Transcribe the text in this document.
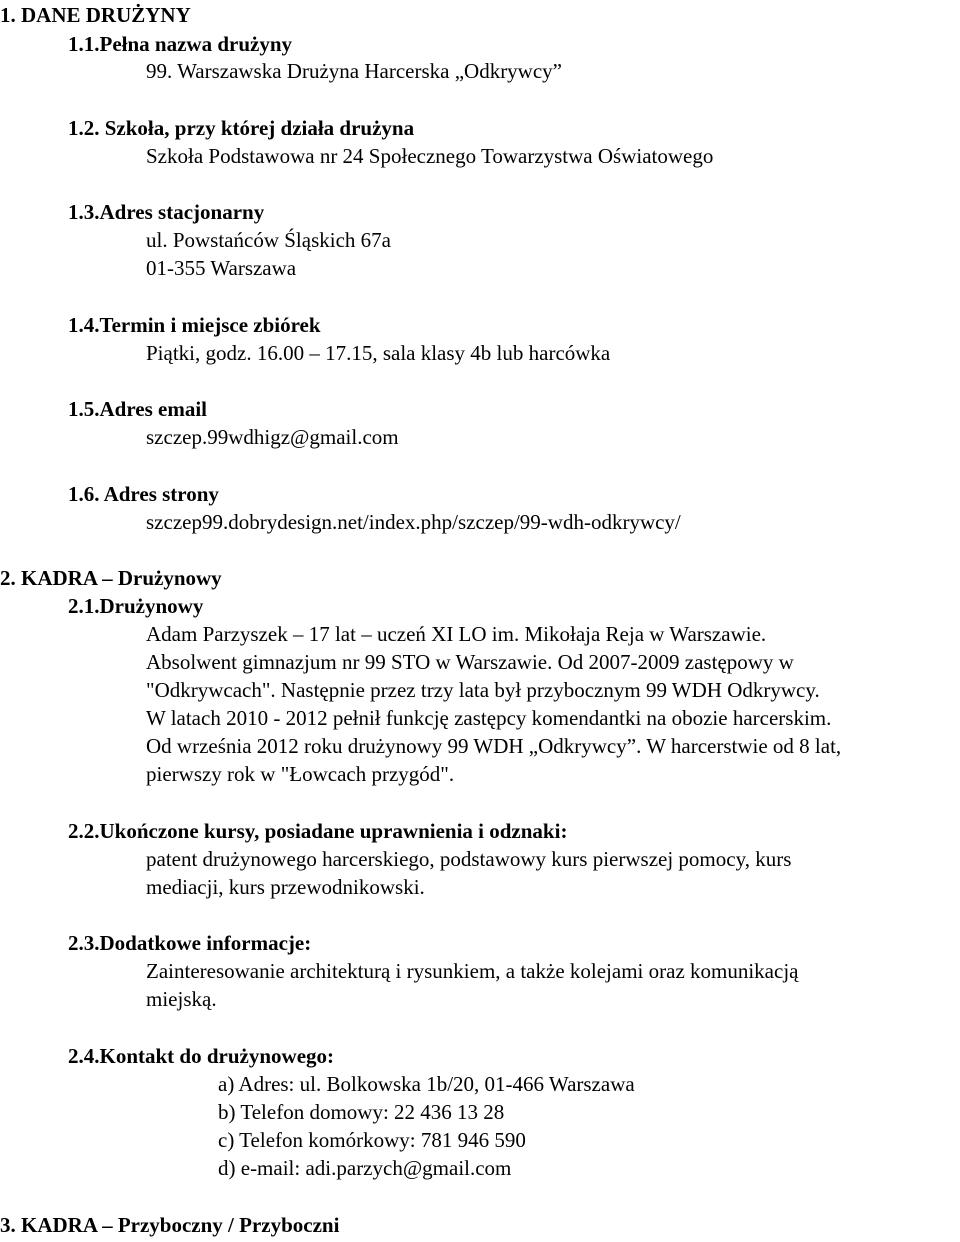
1. DANE DRUŻYNY
1.1.Pełna nazwa drużyny
99. Warszawska Drużyna Harcerska „Odkrywcy”
1.2. Szkoła, przy której działa drużyna
Szkoła Podstawowa nr 24 Społecznego Towarzystwa Oświatowego
1.3.Adres stacjonarny
ul. Powstańców Śląskich 67a
01-355 Warszawa
1.4.Termin i miejsce zbiórek
Piątki, godz. 16.00 – 17.15, sala klasy 4b lub harcówka
1.5.Adres email
szczep.99wdhigz@gmail.com
1.6. Adres strony
szczep99.dobrydesign.net/index.php/szczep/99-wdh-odkrywcy/
2. KADRA – Drużynowy
2.1.Drużynowy
Adam Parzyszek – 17 lat – uczeń XI LO im. Mikołaja Reja w Warszawie.
Absolwent gimnazjum nr 99 STO w Warszawie. Od 2007-2009 zastępowy w
"Odkrywcach". Następnie przez trzy lata był przybocznym 99 WDH Odkrywcy.
W latach 2010 - 2012 pełnił funkcję zastępcy komendantki na obozie harcerskim.
Od września 2012 roku drużynowy 99 WDH „Odkrywcy”. W harcerstwie od 8 lat,
pierwszy rok w "Łowcach przygód".
2.2.Ukończone kursy, posiadane uprawnienia i odznaki:
patent drużynowego harcerskiego, podstawowy kurs pierwszej pomocy, kurs
mediacji, kurs przewodnikowski.
2.3.Dodatkowe informacje:
Zainteresowanie architekturą i rysunkiem, a także kolejami oraz komunikacją
miejską.
2.4.Kontakt do drużynowego:
a) Adres: ul. Bolkowska 1b/20, 01-466 Warszawa
b) Telefon domowy: 22 436 13 28
c) Telefon komórkowy: 781 946 590
d) e-mail: adi.parzych@gmail.com
3. KADRA – Przyboczny / Przyboczni
